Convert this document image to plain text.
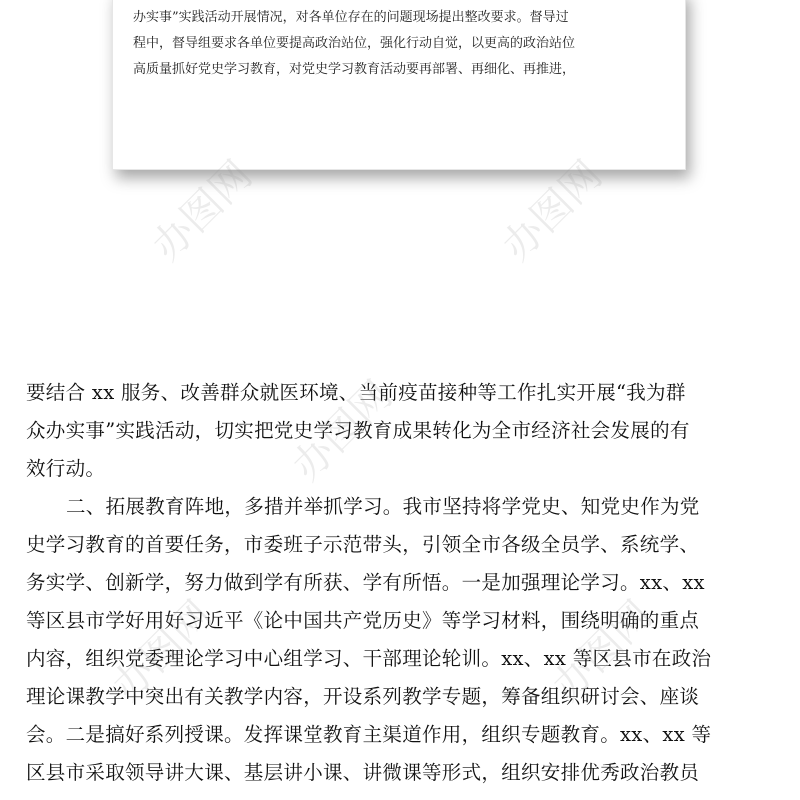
办实事”实践活动开展情况，对各单位存在的问题现场提出整改要求。督导过
程中，督导组要求各单位要提高政治站位，强化行动自觉，以更高的政治站位
高质量抓好党史学习教育，对党史学习教育活动要再部署、再细化、再推进，
要结合 xx 服务、改善群众就医环境、当前疫苗接种等工作扎实开展“我为群
众办实事”实践活动，切实把党史学习教育成果转化为全市经济社会发展的有
效行动。
二、拓展教育阵地，多措并举抓学习。我市坚持将学党史、知党史作为党
史学习教育的首要任务，市委班子示范带头，引领全市各级全员学、系统学、
务实学、创新学，努力做到学有所获、学有所悟。一是加强理论学习。xx、xx
等区县市学好用好习近平《论中国共产党历史》等学习材料，围绕明确的重点
内容，组织党委理论学习中心组学习、干部理论轮训。xx、xx 等区县市在政治
理论课教学中突出有关教学内容，开设系列教学专题，筹备组织研讨会、座谈
会。二是搞好系列授课。发挥课堂教育主渠道作用，组织专题教育。xx、xx 等
区县市采取领导讲大课、基层讲小课、讲微课等形式，组织安排优秀政治教员
办图网	办图网
办图网
办图网	办图网
